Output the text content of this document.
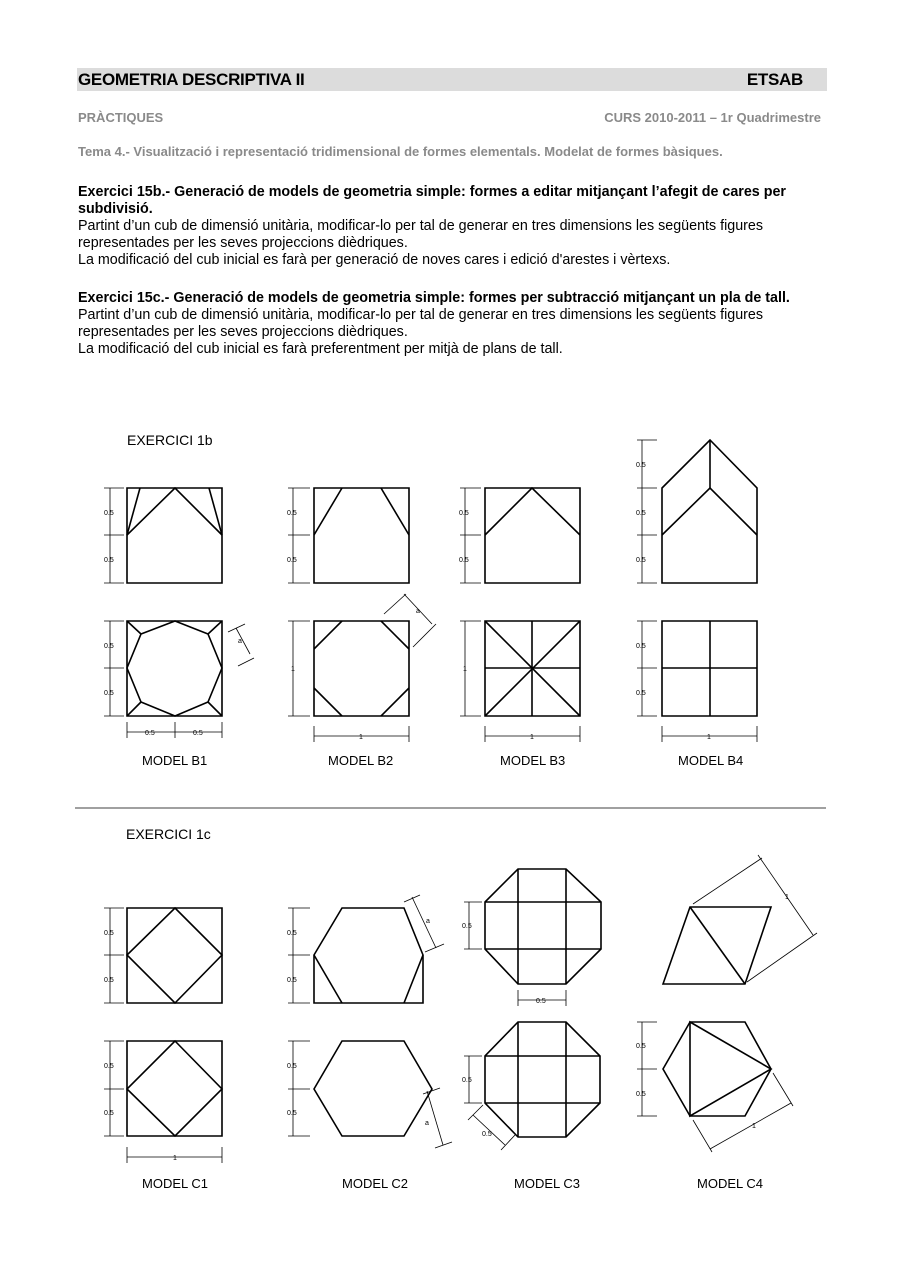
GEOMETRIA DESCRIPTIVA II	ETSAB
PRÀCTIQUES	CURS 2010-2011 – 1r Quadrimestre
Tema 4.- Visualització i representació tridimensional de formes elementals. Modelat de formes bàsiques.
Exercici 15b.- Generació de models de geometria simple: formes a editar mitjançant l’afegit de cares per subdivisió.
Partint d’un cub de dimensió unitària, modificar-lo per tal de generar en tres dimensions les següents figures representades per les seves projeccions dièdriques.
La modificació del cub inicial es farà per generació de noves cares i edició d'arestes i vèrtexs.
Exercici 15c.- Generació de models de geometria simple: formes per subtracció mitjançant un pla de tall.
Partint d’un cub de dimensió unitària, modificar-lo per tal de generar en tres dimensions les següents figures representades per les seves projeccions dièdriques.
La modificació del cub inicial es farà preferentment per mitjà de plans de tall.
EXERCICI 1b
EXERCICI 1c
MODEL B1	MODEL B2	MODEL B3	MODEL B4
MODEL C1	MODEL C2	MODEL C3	MODEL C4
0.5
0.5
0.5
0.5
0.5	0.5
a
0.5
0.5
1
1
a
0.5
0.5
1
1
0.5
0.5
0.5
0.5
0.5
1
0.5
0.5
0.5
0.5
1
0.5
0.5
0.5
0.5
a
a
0.5
0.5
0.5
0.5
1
0.5
0.5
1
